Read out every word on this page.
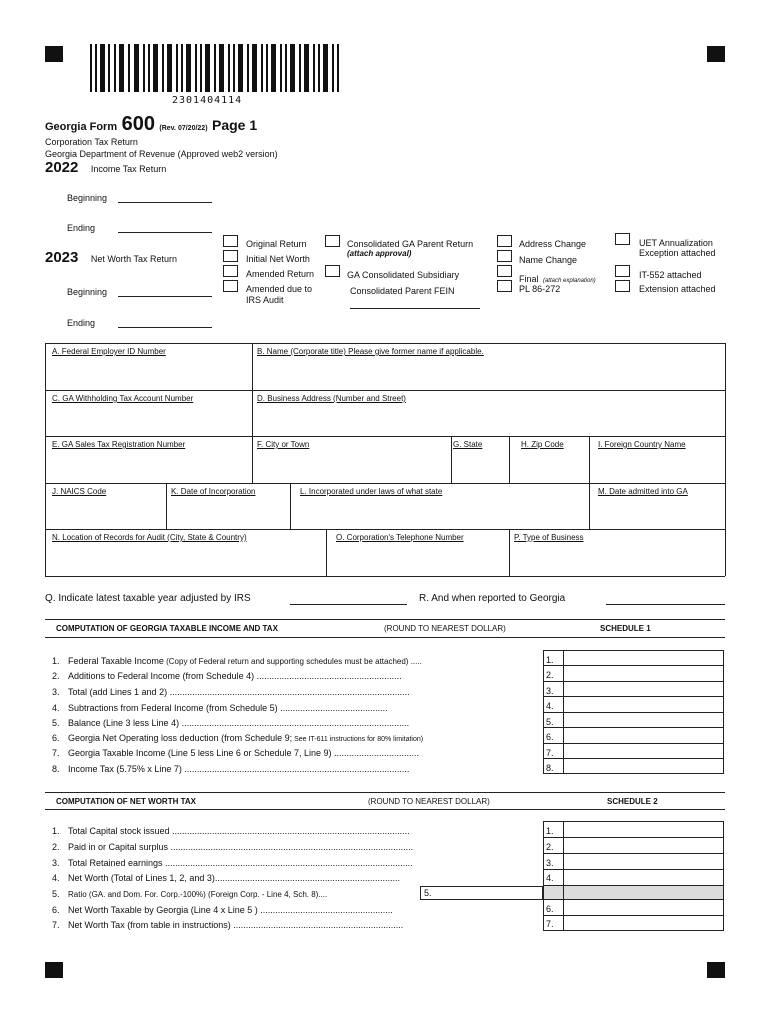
2301404114
Georgia Form 600 (Rev. 07/20/22) Page 1
Corporation Tax Return
Georgia Department of Revenue (Approved web2 version)
2022 Income Tax Return
Beginning
Ending
2023 Net Worth Tax Return
Beginning
Ending
Original Return
Initial Net Worth
Amended Return
Amended due to
IRS Audit
Consolidated GA Parent Return
(attach approval)
GA Consolidated Subsidiary
Consolidated Parent FEIN
Address Change
Name Change
Final (attach explanation)
PL 86-272
UET Annualization
Exception attached
IT-552 attached
Extension attached
A. Federal Employer ID Number	B. Name (Corporate title) Please give former name if applicable.
C. GA Withholding Tax Account Number	D. Business Address (Number and Street)
E. GA Sales Tax Registration Number	F. City or Town	G. State	H. Zip Code	I. Foreign Country Name
J. NAICS Code	K. Date of Incorporation	L. Incorporated under laws of what state	M. Date admitted into GA
N. Location of Records for Audit (City, State & Country)	O. Corporation's Telephone Number	P. Type of Business
Q. Indicate latest taxable year adjusted by IRS	R. And when reported to Georgia
COMPUTATION OF GEORGIA TAXABLE INCOME AND TAX	(ROUND TO NEAREST DOLLAR)	SCHEDULE 1
1. Federal Taxable Income (Copy of Federal return and supporting schedules must be attached) .....
2. Additions to Federal Income (from Schedule 4) ..........................................................
3. Total (add Lines 1 and 2) ................................................................................................
4. Subtractions from Federal Income (from Schedule 5) ...........................................
5. Balance (Line 3 less Line 4) ...........................................................................................
6. Georgia Net Operating loss deduction (from Schedule 9; See IT-611 instructions for 80% limitation)
7. Georgia Taxable Income (Line 5 less Line 6 or Schedule 7, Line 9) ..................................
8. Income Tax (5.75% x Line 7) ..........................................................................................
1.
2.
3.
4.
5.
6.
7.
8.
COMPUTATION OF NET WORTH TAX	(ROUND TO NEAREST DOLLAR)	SCHEDULE 2
1. Total Capital stock issued ...............................................................................................
2. Paid in or Capital surplus .................................................................................................
3. Total Retained earnings ...................................................................................................
4. Net Worth (Total of Lines 1, 2, and 3)..........................................................................
5. Ratio (GA. and Dom. For. Corp.-100%) (Foreign Corp. - Line 4, Sch. 8)....
6. Net Worth Taxable by Georgia (Line 4 x Line 5 ) .....................................................
7. Net Worth Tax (from table in instructions) ....................................................................
5.
1.
2.
3.
4.
6.
7.
